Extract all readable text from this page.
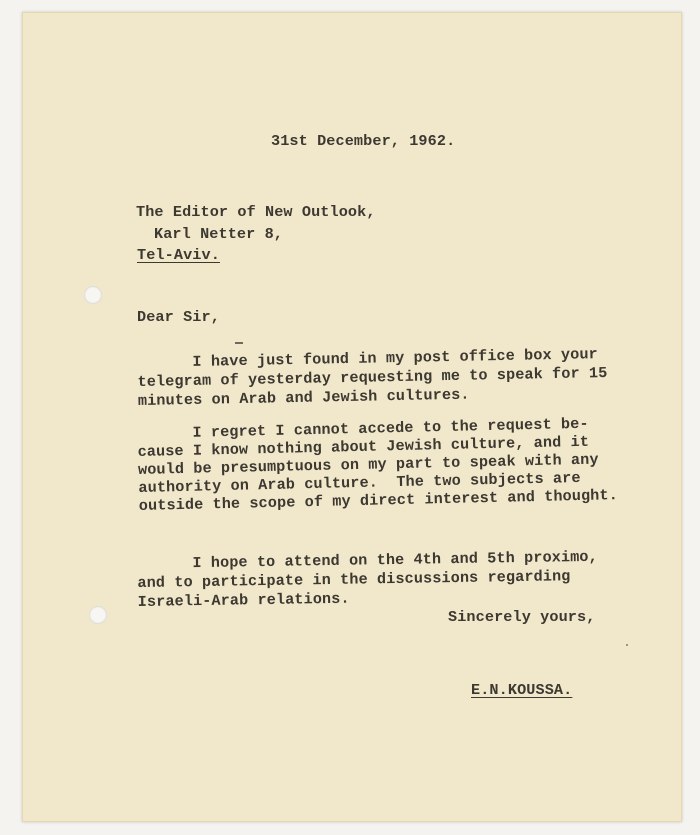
31st December, 1962.
The Editor of New Outlook,
Karl Netter 8,
Tel-Aviv.
Dear Sir,
I have just found in my post office box your
telegram of yesterday requesting me to speak for 15
minutes on Arab and Jewish cultures.
I regret I cannot accede to the request be-
cause I know nothing about Jewish culture, and it
would be presumptuous on my part to speak with any
authority on Arab culture.  The two subjects are
outside the scope of my direct interest and thought.
I hope to attend on the 4th and 5th proximo,
and to participate in the discussions regarding
Israeli-Arab relations.
Sincerely yours,
E.N.KOUSSA.
